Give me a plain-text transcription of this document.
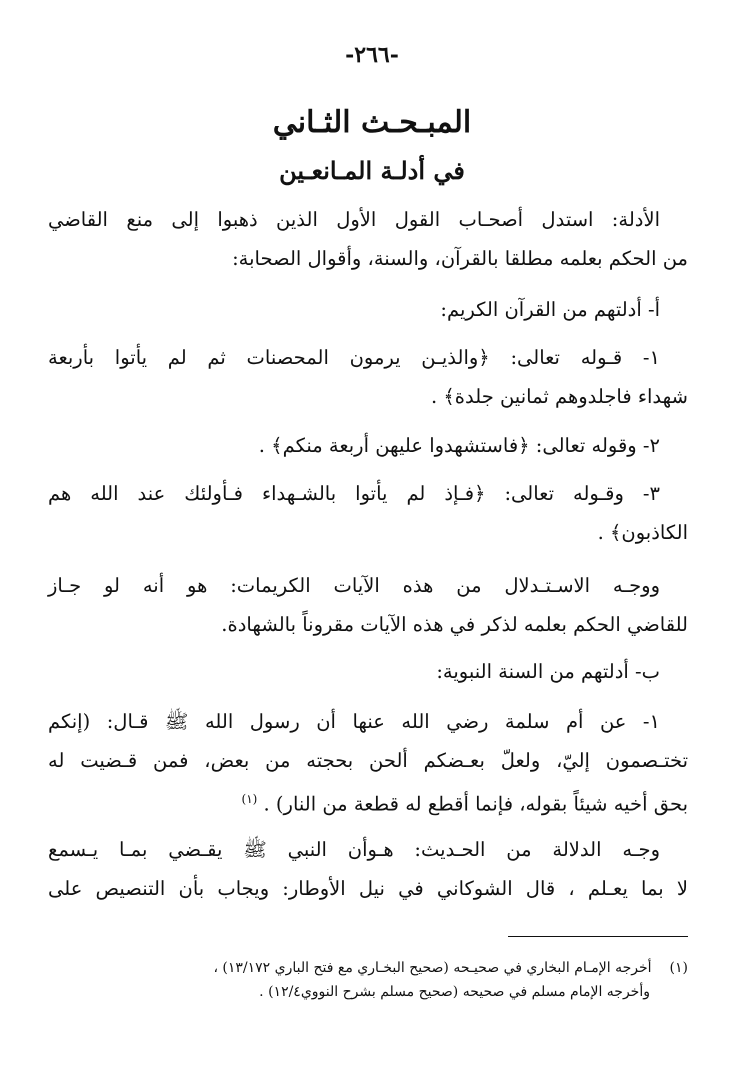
-٢٦٦-
المبـحـث الثـاني
في أدلـة المـانعـين
الأدلة: استدل أصحـاب القول الأول الذين ذهبوا إلى منع القاضي
من الحكم بعلمه مطلقا بالقرآن، والسنة، وأقوال الصحابة:
أ- أدلتهم من القرآن الكريم:
١- قـوله تعالى: ﴿والذيـن يرمون المحصنات ثم لم يأتوا بأربعة
شهداء فاجلدوهم ثمانين جلدة﴾ .
٢- وقوله تعالى: ﴿فاستشهدوا عليهن أربعة منكم﴾ .
٣- وقـوله تعالى: ﴿فـإذ لم يأتوا بالشـهداء فـأولئك عند الله هم
الكاذبون﴾ .
ووجـه الاسـتـدلال من هذه الآيات الكريمات: هو أنه لو جـاز
للقاضي الحكم بعلمه لذكر في هذه الآيات مقروناً بالشهادة.
ب- أدلتهم من السنة النبوية:
١- عن أم سلمة رضي الله عنها أن رسول الله ﷺ قـال: (إنكم
تختـصمون إليّ، ولعلّ بعـضكم ألحن بحجته من بعض، فمن قـضيت له
بحق أخيه شيئاً بقوله، فإنما أقطع له قطعة من النار) . $^{(١)}$
وجـه الدلالة من الحـديث: هـوأن النبي ﷺ يقـضي بمـا يـسمع
لا بما يعـلم ، قال الشوكاني في نيل الأوطار: ويجاب بأن التنصيص على
(١)أخرجه الإمـام البخاري في صحيـحه (صحيح البخـاري مع فتح الباري ١٣/١٧٢) ،
وأخرجه الإمام مسلم في صحيحه (صحيح مسلم بشرح النووي١٢/٤) .
